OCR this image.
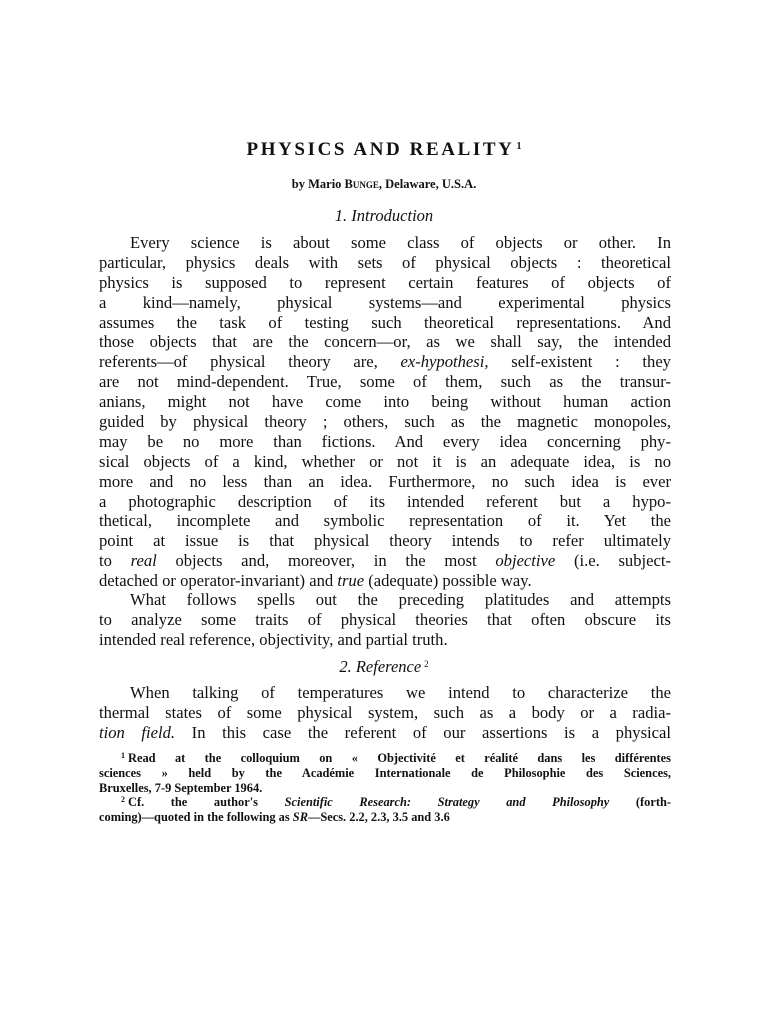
PHYSICS AND REALITY $^1$
by Mario Bunge, Delaware, U.S.A.
1. Introduction
Every science is about some class of objects or other. In
particular, physics deals with sets of physical objects : theoretical
physics is supposed to represent certain features of objects of
a kind—namely, physical systems—and experimental physics
assumes the task of testing such theoretical representations. And
those objects that are the concern—or, as we shall say, the intended
referents—of physical theory are, ex-hypothesi, self-existent : they
are not mind-dependent. True, some of them, such as the transur-
anians, might not have come into being without human action
guided by physical theory ; others, such as the magnetic monopoles,
may be no more than fictions. And every idea concerning phy-
sical objects of a kind, whether or not it is an adequate idea, is no
more and no less than an idea. Furthermore, no such idea is ever
a photographic description of its intended referent but a hypo-
thetical, incomplete and symbolic representation of it. Yet the
point at issue is that physical theory intends to refer ultimately
to real objects and, moreover, in the most objective (i.e. subject-
detached or operator-invariant) and true (adequate) possible way.
What follows spells out the preceding platitudes and attempts
to analyze some traits of physical theories that often obscure its
intended real reference, objectivity, and partial truth.
2. Reference $^2$
When talking of temperatures we intend to characterize the
thermal states of some physical system, such as a body or a radia-
tion field. In this case the referent of our assertions is a physical
$^1$ Read at the colloquium on « Objectivité et réalité dans les différentes
sciences » held by the Académie Internationale de Philosophie des Sciences,
Bruxelles, 7-9 September 1964.
$^2$ Cf. the author's Scientific Research: Strategy and Philosophy (forth-
coming)—quoted in the following as SR—Secs. 2.2, 2.3, 3.5 and 3.6
